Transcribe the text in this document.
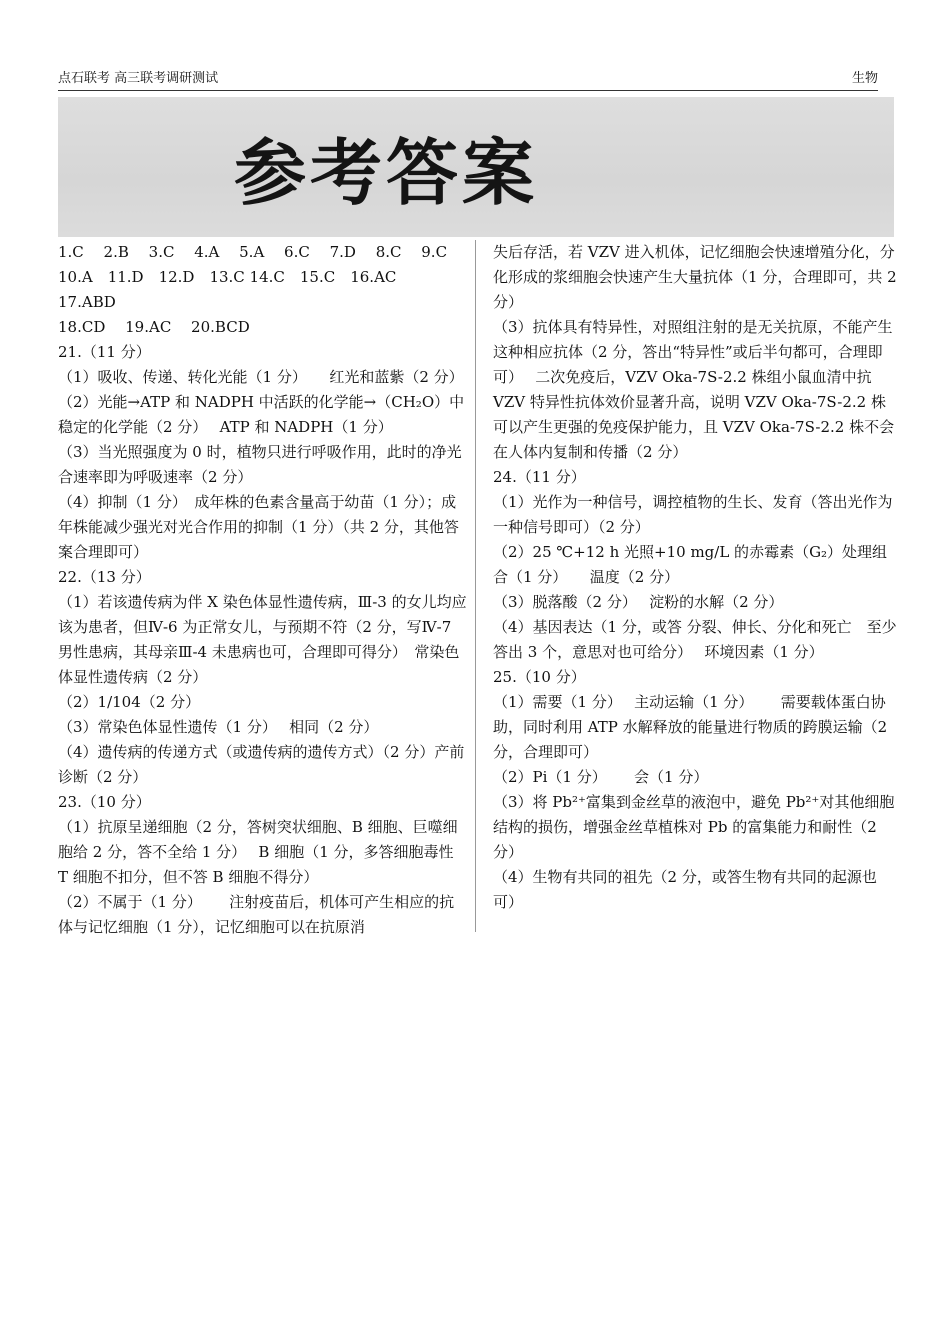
点石联考 高三联考调研测试	生物
参考答案

1.C　 2.B　 3.C　 4.A　 5.A　 6.C　 7.D　 8.C　 9.C

10.A　11.D　12.D　13.C 14.C　15.C　16.AC　17.ABD

18.CD　 19.AC　 20.BCD

21.（11 分）

（1）吸收、传递、转化光能（1 分）　　红光和蓝紫（2 分）

（2）光能→ATP 和 NADPH 中活跃的化学能→（CH₂O）中稳定的化学能（2 分）　 ATP 和 NADPH（1 分）

（3）当光照强度为 0 时，植物只进行呼吸作用，此时的净光合速率即为呼吸速率（2 分）

（4）抑制（1 分）　成年株的色素含量高于幼苗（1 分）；成年株能减少强光对光合作用的抑制（1 分）（共 2 分，其他答案合理即可）

22.（13 分）

（1）若该遗传病为伴 X 染色体显性遗传病，Ⅲ-3 的女儿均应该为患者，但Ⅳ-6 为正常女儿，与预期不符（2 分，写Ⅳ-7 男性患病，其母亲Ⅲ-4 未患病也可，合理即可得分）　常染色体显性遗传病（2 分）

（2）1/104（2 分）

（3）常染色体显性遗传（1 分）　 相同（2 分）

（4）遗传病的传递方式（或遗传病的遗传方式）（2 分）产前诊断（2 分）

23.（10 分）

（1）抗原呈递细胞（2 分，答树突状细胞、B 细胞、巨噬细胞给 2 分，答不全给 1 分）　 B 细胞（1 分，多答细胞毒性 T 细胞不扣分，但不答 B 细胞不得分）

（2）不属于（1 分）　　 注射疫苗后，机体可产生相应的抗体与记忆细胞（1 分），记忆细胞可以在抗原消

失后存活，若 VZV 进入机体，记忆细胞会快速增殖分化，分化形成的浆细胞会快速产生大量抗体（1 分，合理即可，共 2 分）

（3）抗体具有特异性，对照组注射的是无关抗原，不能产生这种相应抗体（2 分，答出“特异性”或后半句都可，合理即可）　 二次免疫后，VZV Oka-7S-2.2 株组小鼠血清中抗 VZV 特异性抗体效价显著升高，说明 VZV Oka-7S-2.2 株可以产生更强的免疫保护能力，且 VZV Oka-7S-2.2 株不会在人体内复制和传播（2 分）

24.（11 分）

（1）光作为一种信号，调控植物的生长、发育（答出光作为一种信号即可）（2 分）

（2）25 ℃+12 h 光照+10 mg/L 的赤霉素（G₂）处理组合（1 分）　　温度（2 分）

（3）脱落酸（2 分）　 淀粉的水解（2 分）

（4）基因表达（1 分，或答 分裂、伸长、分化和死亡　至少答出 3 个，意思对也可给分）　 环境因素（1 分）

25.（10 分）

（1）需要（1 分）　 主动运输（1 分）　　 需要载体蛋白协助，同时利用 ATP 水解释放的能量进行物质的跨膜运输（2 分，合理即可）

（2）Pi（1 分）　　 会（1 分）

（3）将 Pb²⁺富集到金丝草的液泡中，避免 Pb²⁺对其他细胞结构的损伤，增强金丝草植株对 Pb 的富集能力和耐性（2 分）

（4）生物有共同的祖先（2 分，或答生物有共同的起源也可）
